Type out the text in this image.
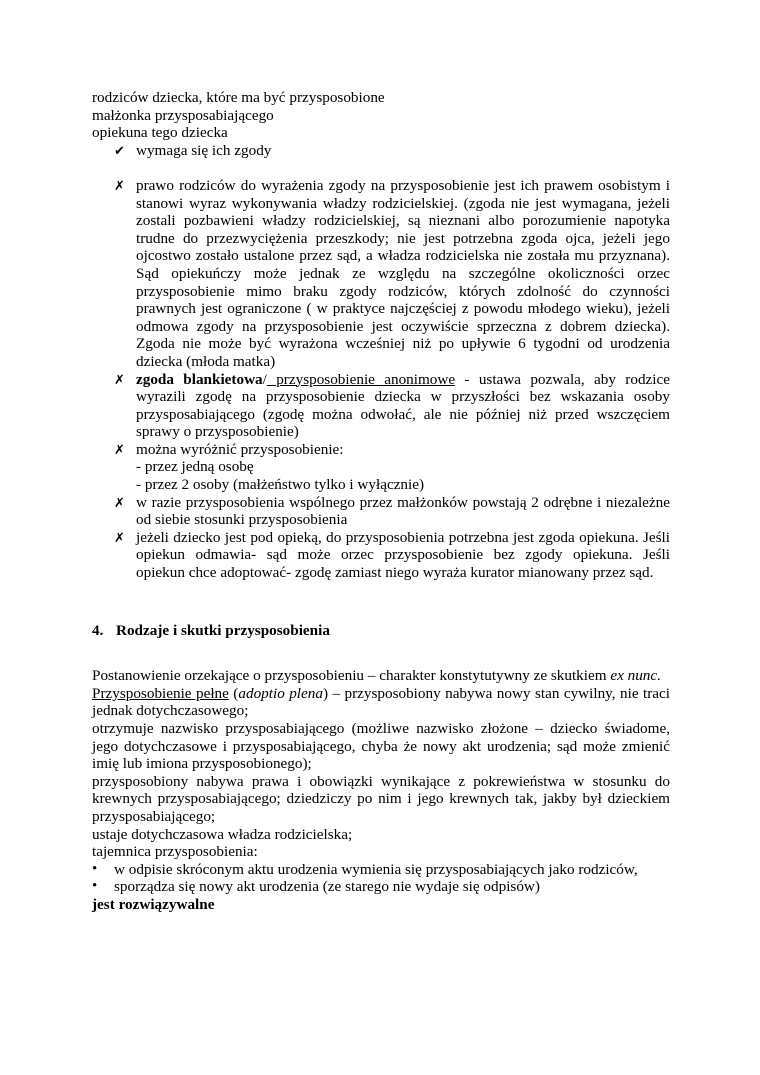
rodziców dziecka, które ma być przysposobione
małżonka przysposabiającego
opiekuna tego dziecka
✔ wymaga się ich zgody
✗ prawo rodziców do wyrażenia zgody na przysposobienie jest ich prawem osobistym i
stanowi wyraz wykonywania władzy rodzicielskiej. (zgoda nie jest wymagana, jeżeli
zostali pozbawieni władzy rodzicielskiej, są nieznani albo porozumienie napotyka
trudne do przezwyciężenia przeszkody; nie jest potrzebna zgoda ojca, jeżeli jego
ojcostwo zostało ustalone przez sąd, a władza rodzicielska nie została mu przyznana).
Sąd opiekuńczy może jednak ze względu na szczególne okoliczności orzec
przysposobienie mimo braku zgody rodziców, których zdolność do czynności
prawnych jest ograniczone ( w praktyce najczęściej z powodu młodego wieku), jeżeli
odmowa zgody na przysposobienie jest oczywiście sprzeczna z dobrem dziecka).
Zgoda nie może być wyrażona wcześniej niż po upływie 6 tygodni od urodzenia
dziecka (młoda matka)
✗ zgoda blankietowa/ przysposobienie anonimowe - ustawa pozwala, aby rodzice
wyrazili zgodę na przysposobienie dziecka w przyszłości bez wskazania osoby
przysposabiającego (zgodę można odwołać, ale nie później niż przed wszczęciem
sprawy o przysposobienie)
✗ można wyróżnić przysposobienie:
- przez jedną osobę
- przez 2 osoby (małżeństwo tylko i wyłącznie)
✗ w razie przysposobienia wspólnego przez małżonków powstają 2 odrębne i niezależne
od siebie stosunki przysposobienia
✗ jeżeli dziecko jest pod opieką, do przysposobienia potrzebna jest zgoda opiekuna. Jeśli
opiekun odmawia- sąd może orzec przysposobienie bez zgody opiekuna. Jeśli
opiekun chce adoptować- zgodę zamiast niego wyraża kurator mianowany przez sąd.
4. Rodzaje i skutki przysposobienia
Postanowienie orzekające o przysposobieniu – charakter konstytutywny ze skutkiem ex nunc.
Przysposobienie pełne (adoptio plena) – przysposobiony nabywa nowy stan cywilny, nie traci
jednak dotychczasowego;
otrzymuje nazwisko przysposabiającego (możliwe nazwisko złożone – dziecko świadome,
jego dotychczasowe i przysposabiającego, chyba że nowy akt urodzenia; sąd może zmienić
imię lub imiona przysposobionego);
przysposobiony nabywa prawa i obowiązki wynikające z pokrewieństwa w stosunku do
krewnych przysposabiającego; dziedziczy po nim i jego krewnych tak, jakby był dzieckiem
przysposabiającego;
ustaje dotychczasowa władza rodzicielska;
tajemnica przysposobienia:
•	w odpisie skróconym aktu urodzenia wymienia się przysposabiających jako rodziców,
•	sporządza się nowy akt urodzenia (ze starego nie wydaje się odpisów)
jest rozwiązywalne
